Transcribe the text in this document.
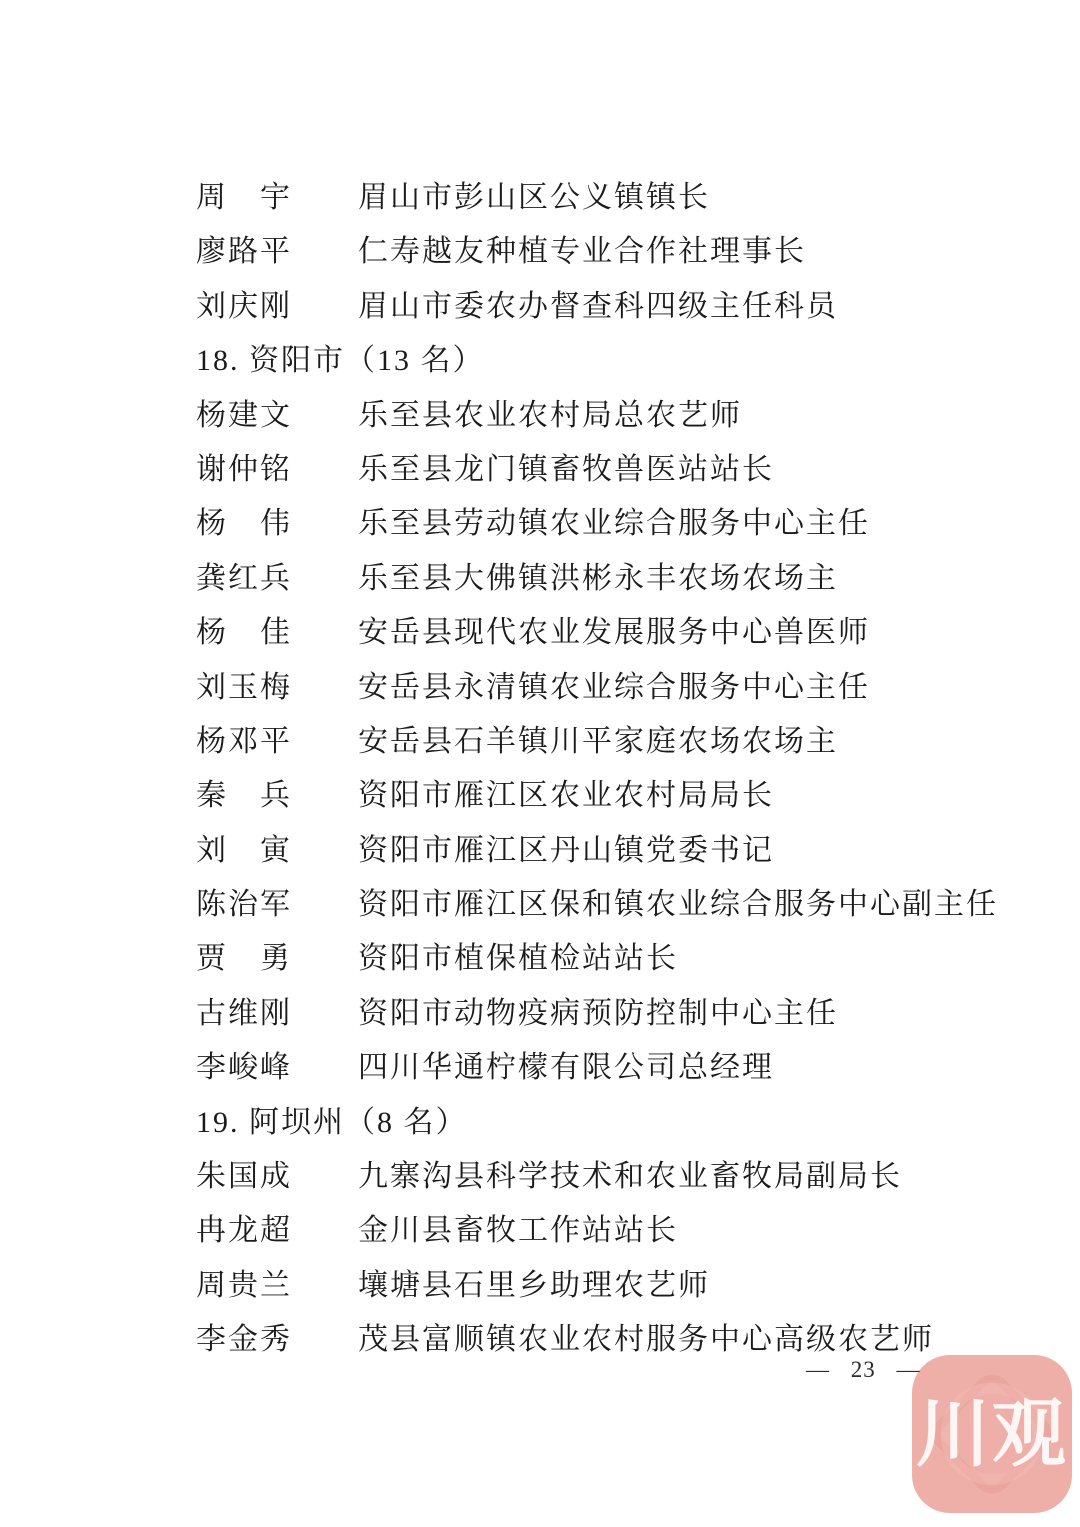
周　宇	眉山市彭山区公义镇镇长
廖路平	仁寿越友种植专业合作社理事长
刘庆刚	眉山市委农办督查科四级主任科员
18. 资阳市（13 名）
杨建文	乐至县农业农村局总农艺师
谢仲铭	乐至县龙门镇畜牧兽医站站长
杨　伟	乐至县劳动镇农业综合服务中心主任
龚红兵	乐至县大佛镇洪彬永丰农场农场主
杨　佳	安岳县现代农业发展服务中心兽医师
刘玉梅	安岳县永清镇农业综合服务中心主任
杨邓平	安岳县石羊镇川平家庭农场农场主
秦　兵	资阳市雁江区农业农村局局长
刘　寅	资阳市雁江区丹山镇党委书记
陈治军	资阳市雁江区保和镇农业综合服务中心副主任
贾　勇	资阳市植保植检站站长
古维刚	资阳市动物疫病预防控制中心主任
李峻峰	四川华通柠檬有限公司总经理
19. 阿坝州（8 名）
朱国成	九寨沟县科学技术和农业畜牧局副局长
冉龙超	金川县畜牧工作站站长
周贵兰	壤塘县石里乡助理农艺师
李金秀	茂县富顺镇农业农村服务中心高级农艺师
— 23 —
川观
